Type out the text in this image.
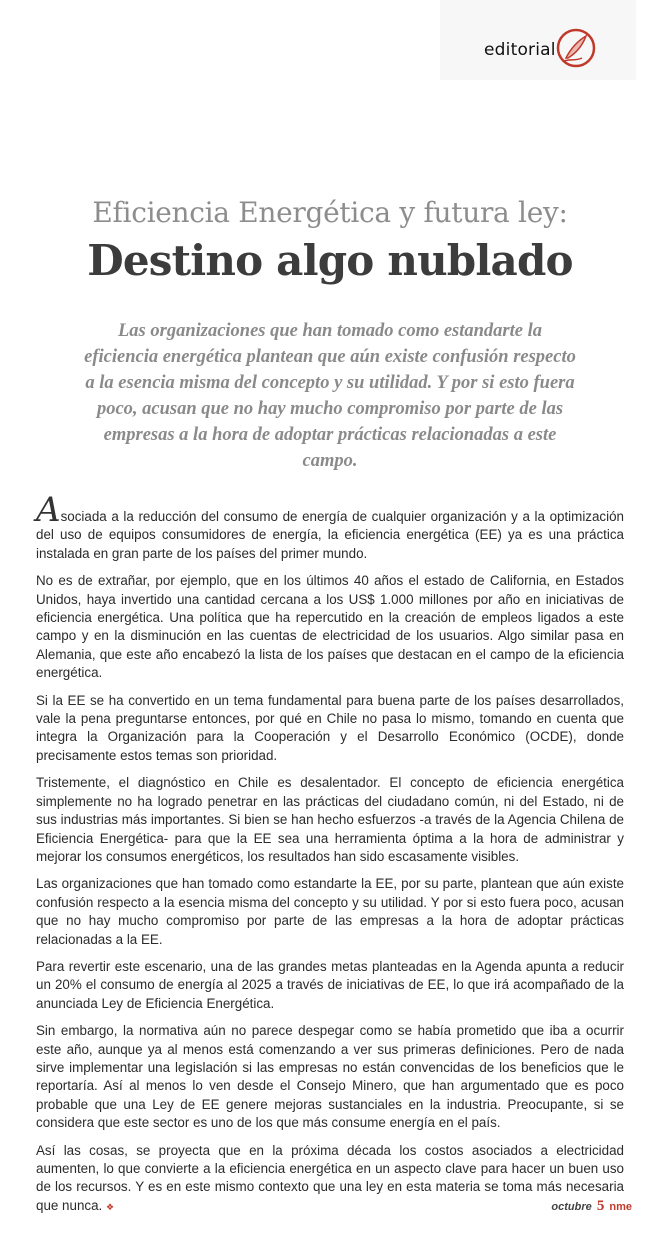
editorial
Eficiencia Energética y futura ley:
Destino algo nublado
Las organizaciones que han tomado como estandarte la eficiencia energética plantean que aún existe confusión respecto a la esencia misma del concepto y su utilidad. Y por si esto fuera poco, acusan que no hay mucho compromiso por parte de las empresas a la hora de adoptar prácticas relacionadas a este campo.

Asociada a la reducción del consumo de energía de cualquier organización y a la optimización del uso de equipos consumidores de energía, la eficiencia energética (EE) ya es una práctica instalada en gran parte de los países del primer mundo.

No es de extrañar, por ejemplo, que en los últimos 40 años el estado de California, en Estados Unidos, haya invertido una cantidad cercana a los US$ 1.000 millones por año en iniciativas de eficiencia energética. Una política que ha repercutido en la creación de empleos ligados a este campo y en la disminución en las cuentas de electricidad de los usuarios. Algo similar pasa en Alemania, que este año encabezó la lista de los países que destacan en el campo de la eficiencia energética.

Si la EE se ha convertido en un tema fundamental para buena parte de los países desarrollados, vale la pena preguntarse entonces, por qué en Chile no pasa lo mismo, tomando en cuenta que integra la Organización para la Cooperación y el Desarrollo Económico (OCDE), donde precisamente estos temas son prioridad.

Tristemente, el diagnóstico en Chile es desalentador. El concepto de eficiencia energética simplemente no ha logrado penetrar en las prácticas del ciudadano común, ni del Estado, ni de sus industrias más importantes. Si bien se han hecho esfuerzos -a través de la Agencia Chilena de Eficiencia Energética- para que la EE sea una herramienta óptima a la hora de administrar y mejorar los consumos energéticos, los resultados han sido escasamente visibles.

Las organizaciones que han tomado como estandarte la EE, por su parte, plantean que aún existe confusión respecto a la esencia misma del concepto y su utilidad. Y por si esto fuera poco, acusan que no hay mucho compromiso por parte de las empresas a la hora de adoptar prácticas relacionadas a la EE.

Para revertir este escenario, una de las grandes metas planteadas en la Agenda apunta a reducir un 20% el consumo de energía al 2025 a través de iniciativas de EE, lo que irá acompañado de la anunciada Ley de Eficiencia Energética.

Sin embargo, la normativa aún no parece despegar como se había prometido que iba a ocurrir este año, aunque ya al menos está comenzando a ver sus primeras definiciones. Pero de nada sirve implementar una legislación si las empresas no están convencidas de los beneficios que le reportaría. Así al menos lo ven desde el Consejo Minero, que han argumentado que es poco probable que una Ley de EE genere mejoras sustanciales en la industria. Preocupante, si se considera que este sector es uno de los que más consume energía en el país.

Así las cosas, se proyecta que en la próxima década los costos asociados a electricidad aumenten, lo que convierte a la eficiencia energética en un aspecto clave para hacer un buen uso de los recursos. Y es en este mismo contexto que una ley en esta materia se toma más necesaria que nunca. ❖	octubre 5 nme
